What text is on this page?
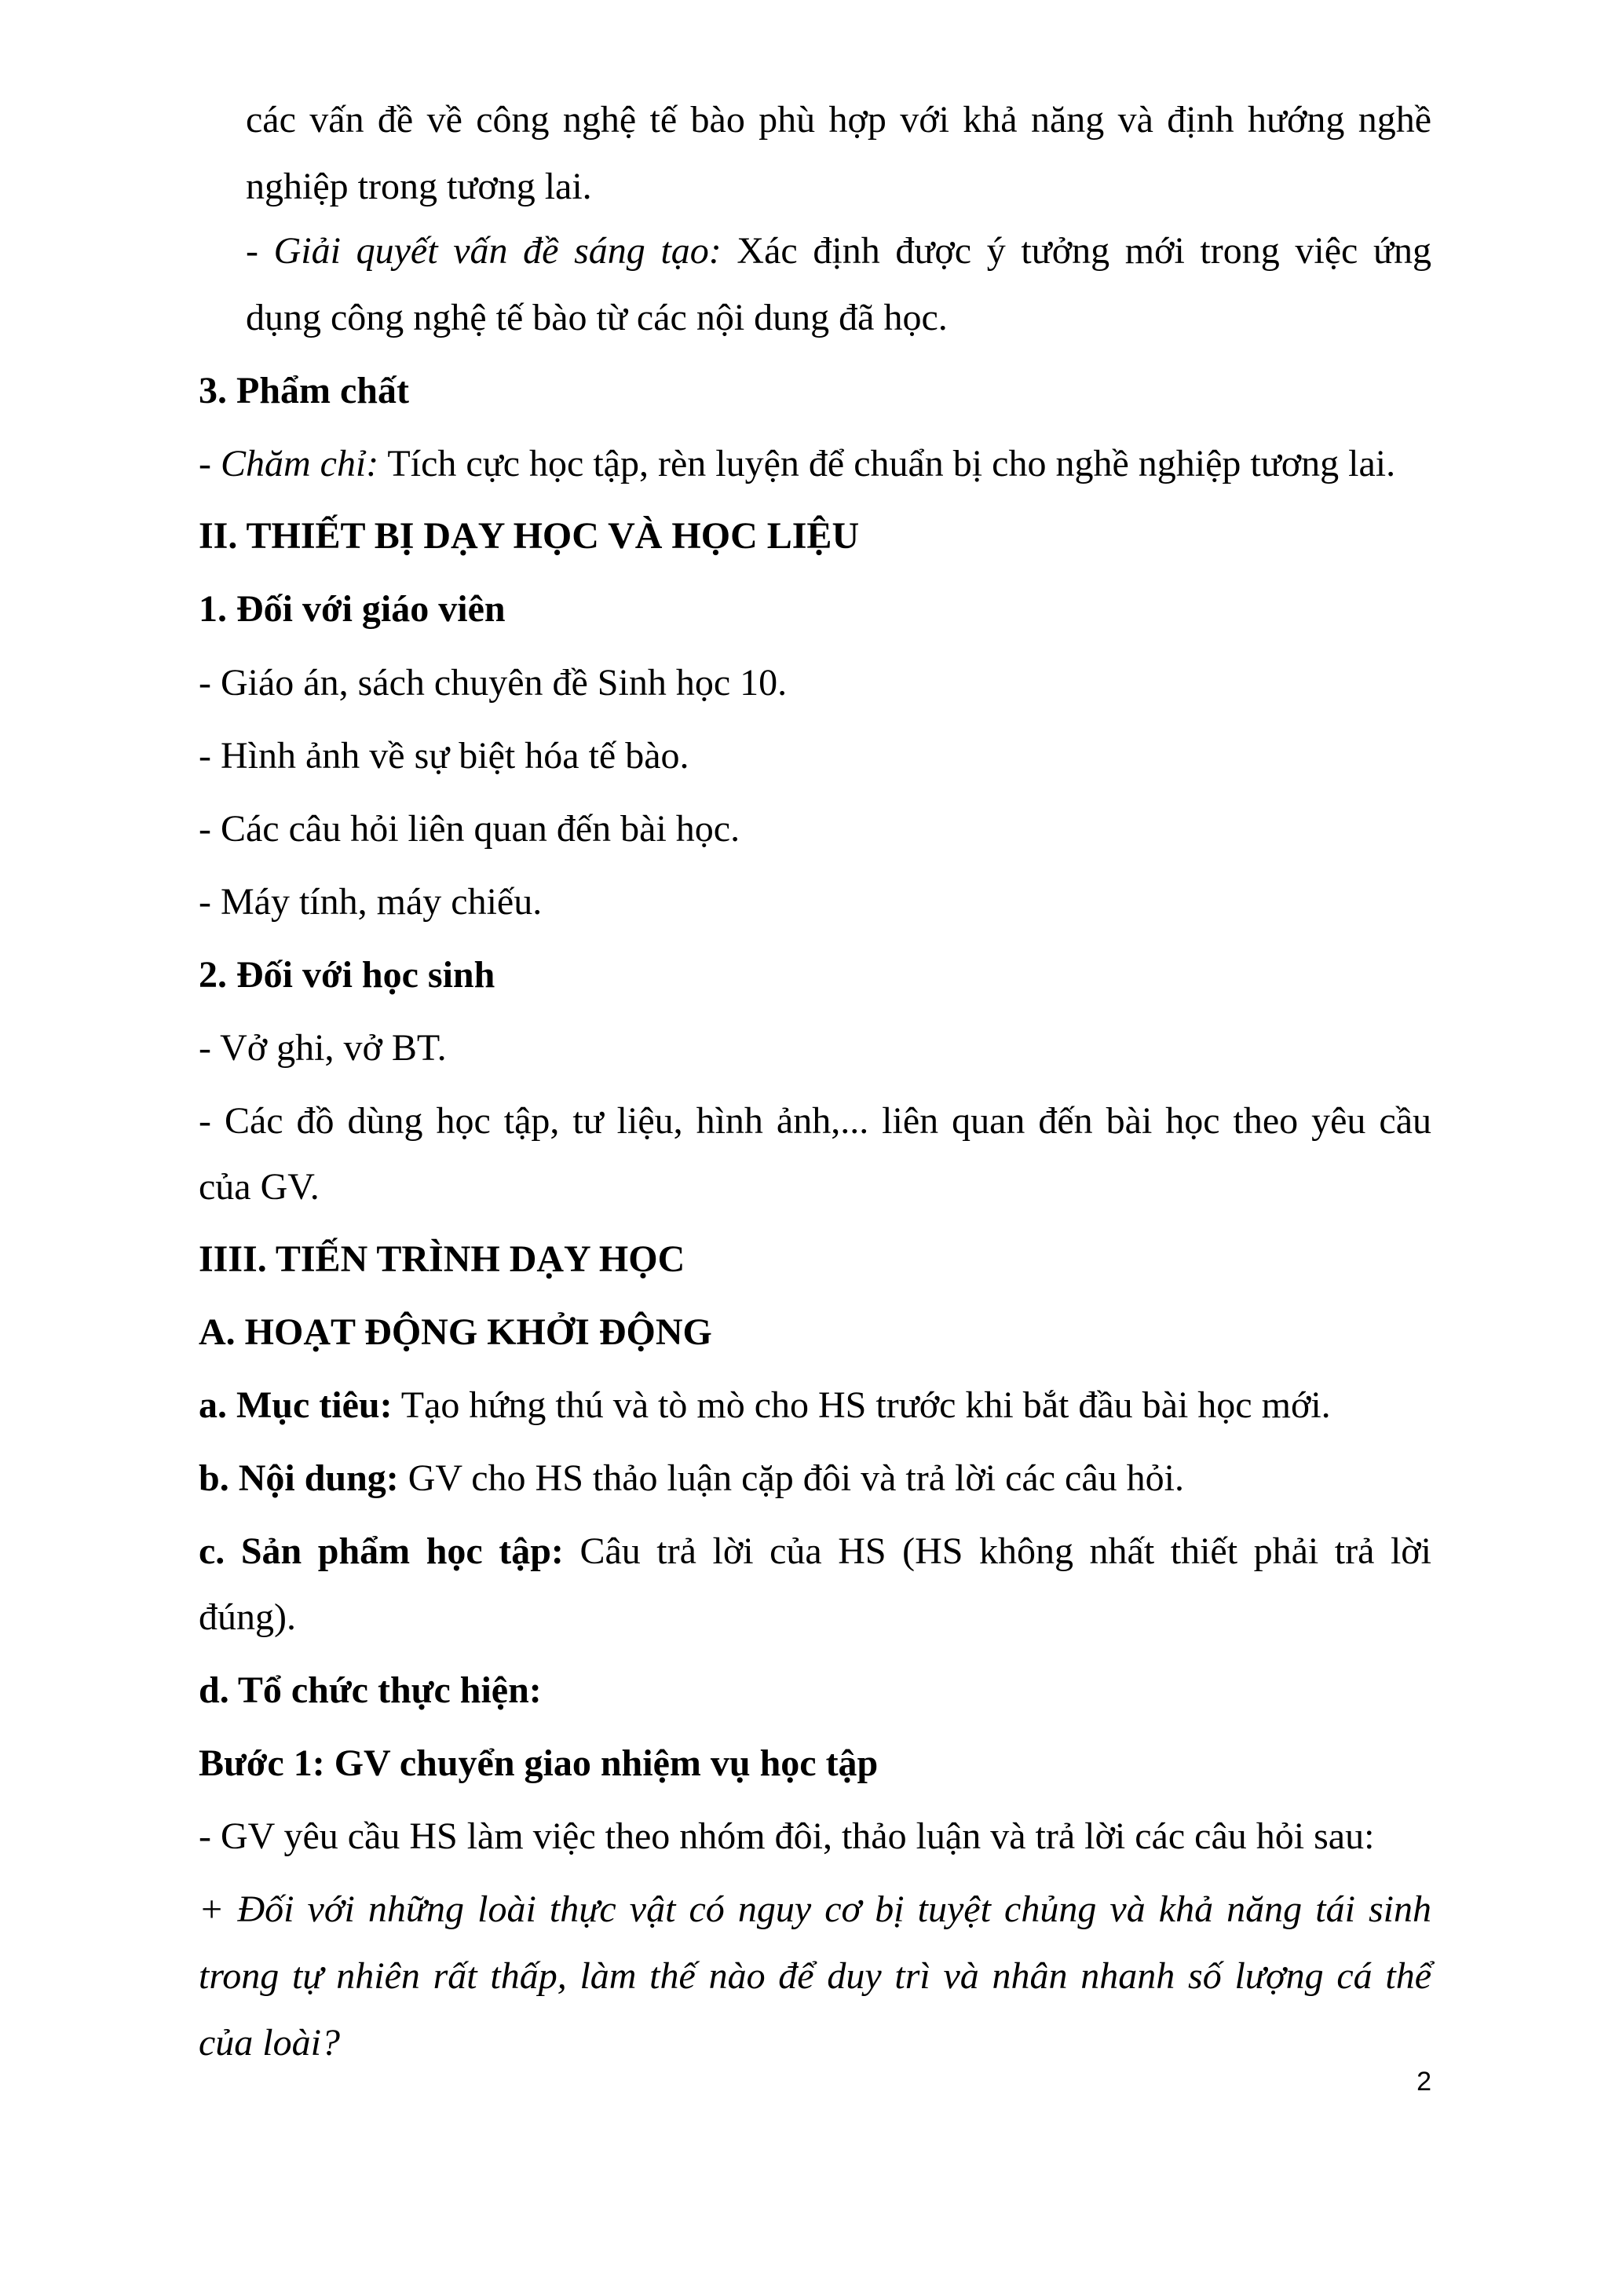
các vấn đề về công nghệ tế bào phù hợp với khả năng và định hướng nghề
nghiệp trong tương lai.
- Giải quyết vấn đề sáng tạo: Xác định được ý tưởng mới trong việc ứng
dụng công nghệ tế bào từ các nội dung đã học.
3. Phẩm chất
- Chăm chỉ: Tích cực học tập, rèn luyện để chuẩn bị cho nghề nghiệp tương lai.
II. THIẾT BỊ DẠY HỌC VÀ HỌC LIỆU
1. Đối với giáo viên
- Giáo án, sách chuyên đề Sinh học 10.
- Hình ảnh về sự biệt hóa tế bào.
- Các câu hỏi liên quan đến bài học.
- Máy tính, máy chiếu.
2. Đối với học sinh
- Vở ghi, vở BT.
- Các đồ dùng học tập, tư liệu, hình ảnh,... liên quan đến bài học theo yêu cầu
của GV.
IIII. TIẾN TRÌNH DẠY HỌC
A. HOẠT ĐỘNG KHỞI ĐỘNG
a. Mục tiêu: Tạo hứng thú và tò mò cho HS trước khi bắt đầu bài học mới.
b. Nội dung: GV cho HS thảo luận cặp đôi và trả lời các câu hỏi.
c. Sản phẩm học tập: Câu trả lời của HS (HS không nhất thiết phải trả lời
đúng).
d. Tổ chức thực hiện:
Bước 1: GV chuyển giao nhiệm vụ học tập
- GV yêu cầu HS làm việc theo nhóm đôi, thảo luận và trả lời các câu hỏi sau:
+ Đối với những loài thực vật có nguy cơ bị tuyệt chủng và khả năng tái sinh
trong tự nhiên rất thấp, làm thế nào để duy trì và nhân nhanh số lượng cá thể
của loài?
2
